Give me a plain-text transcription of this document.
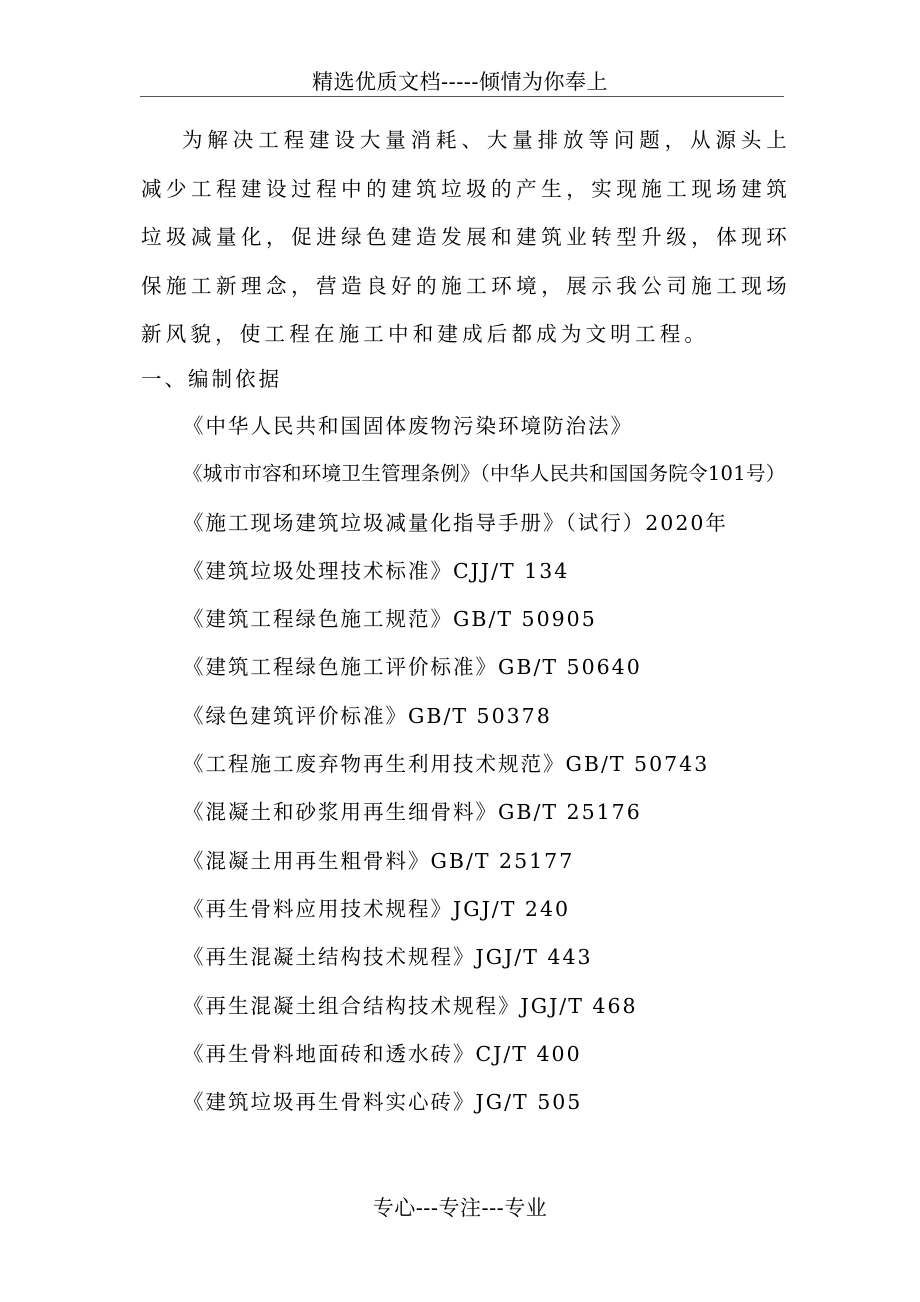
精选优质文档-----倾情为你奉上

为解决工程建设大量消耗、大量排放等问题，从源头上减少工程建设过程中的建筑垃圾的产生，实现施工现场建筑垃圾减量化，促进绿色建造发展和建筑业转型升级，体现环保施工新理念，营造良好的施工环境，展示我公司施工现场新风貌，使工程在施工中和建成后都成为文明工程。

一、编制依据

《中华人民共和国固体废物污染环境防治法》
《城市市容和环境卫生管理条例》（中华人民共和国国务院令101号）
《施工现场建筑垃圾减量化指导手册》（试行）2020年
《建筑垃圾处理技术标准》CJJ/T 134
《建筑工程绿色施工规范》GB/T 50905
《建筑工程绿色施工评价标准》GB/T 50640
《绿色建筑评价标准》GB/T 50378
《工程施工废弃物再生利用技术规范》GB/T 50743
《混凝土和砂浆用再生细骨料》GB/T 25176
《混凝土用再生粗骨料》GB/T 25177
《再生骨料应用技术规程》JGJ/T 240
《再生混凝土结构技术规程》JGJ/T 443
《再生混凝土组合结构技术规程》JGJ/T 468
《再生骨料地面砖和透水砖》CJ/T 400
《建筑垃圾再生骨料实心砖》JG/T 505
专心---专注---专业
